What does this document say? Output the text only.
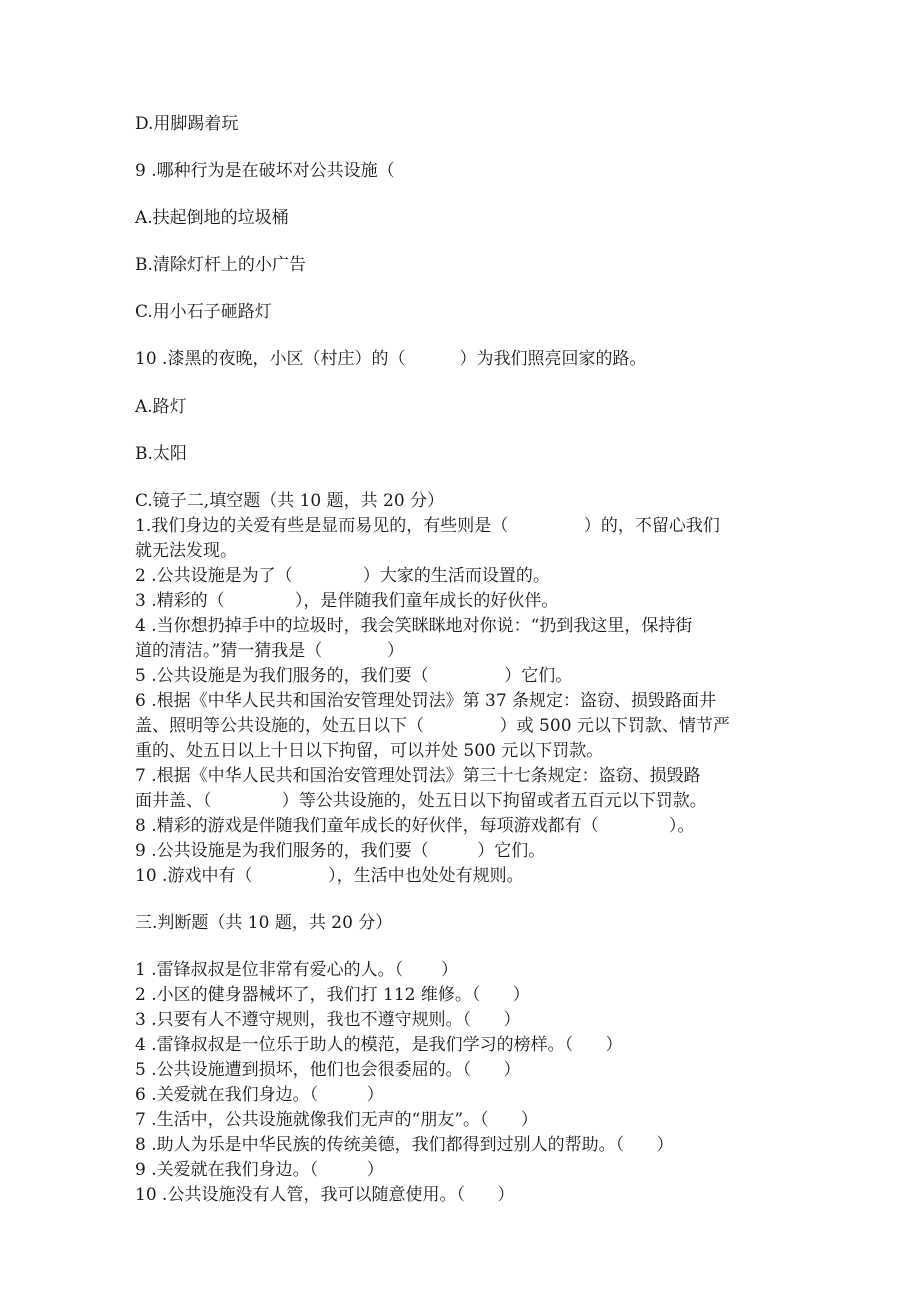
D.用脚踢着玩
9 .哪种行为是在破坏对公共设施（
A.扶起倒地的垃圾桶
B.清除灯杆上的小广告
C.用小石子砸路灯
10 .漆黑的夜晚，小区（村庄）的（          ）为我们照亮回家的路。
A.路灯
B.太阳
C.镜子二,填空题（共 10 题，共 20 分）
1.我们身边的关爱有些是显而易见的，有些则是（              ）的，不留心我们
就无法发现。
2 .公共设施是为了（             ）大家的生活而设置的。
3 .精彩的（             ），是伴随我们童年成长的好伙伴。
4 .当你想扔掉手中的垃圾时，我会笑眯眯地对你说：“扔到我这里，保持街
道的清洁。”猜一猜我是（            ）
5 .公共设施是为我们服务的，我们要（              ）它们。
6 .根据《中华人民共和国治安管理处罚法》第 37 条规定：盗窃、损毁路面井
盖、照明等公共设施的，处五日以下（              ）或 500 元以下罚款、情节严
重的、处五日以上十日以下拘留，可以并处 500 元以下罚款。
7 .根据《中华人民共和国治安管理处罚法》第三十七条规定：盗窃、损毁路
面井盖、（             ）等公共设施的，处五日以下拘留或者五百元以下罚款。
8 .精彩的游戏是伴随我们童年成长的好伙伴，每项游戏都有（             ）。
9 .公共设施是为我们服务的，我们要（         ）它们。
10 .游戏中有（              ），生活中也处处有规则。
三.判断题（共 10 题，共 20 分）
1 .雷锋叔叔是位非常有爱心的人。（       ）
2 .小区的健身器械坏了，我们打 112 维修。（      ）
3 .只要有人不遵守规则，我也不遵守规则。（      ）
4 .雷锋叔叔是一位乐于助人的模范，是我们学习的榜样。（      ）
5 .公共设施遭到损坏，他们也会很委屈的。（      ）
6 .关爱就在我们身边。（         ）
7 .生活中，公共设施就像我们无声的“朋友”。（      ）
8 .助人为乐是中华民族的传统美德，我们都得到过别人的帮助。（      ）
9 .关爱就在我们身边。（         ）
10 .公共设施没有人管，我可以随意使用。（      ）
